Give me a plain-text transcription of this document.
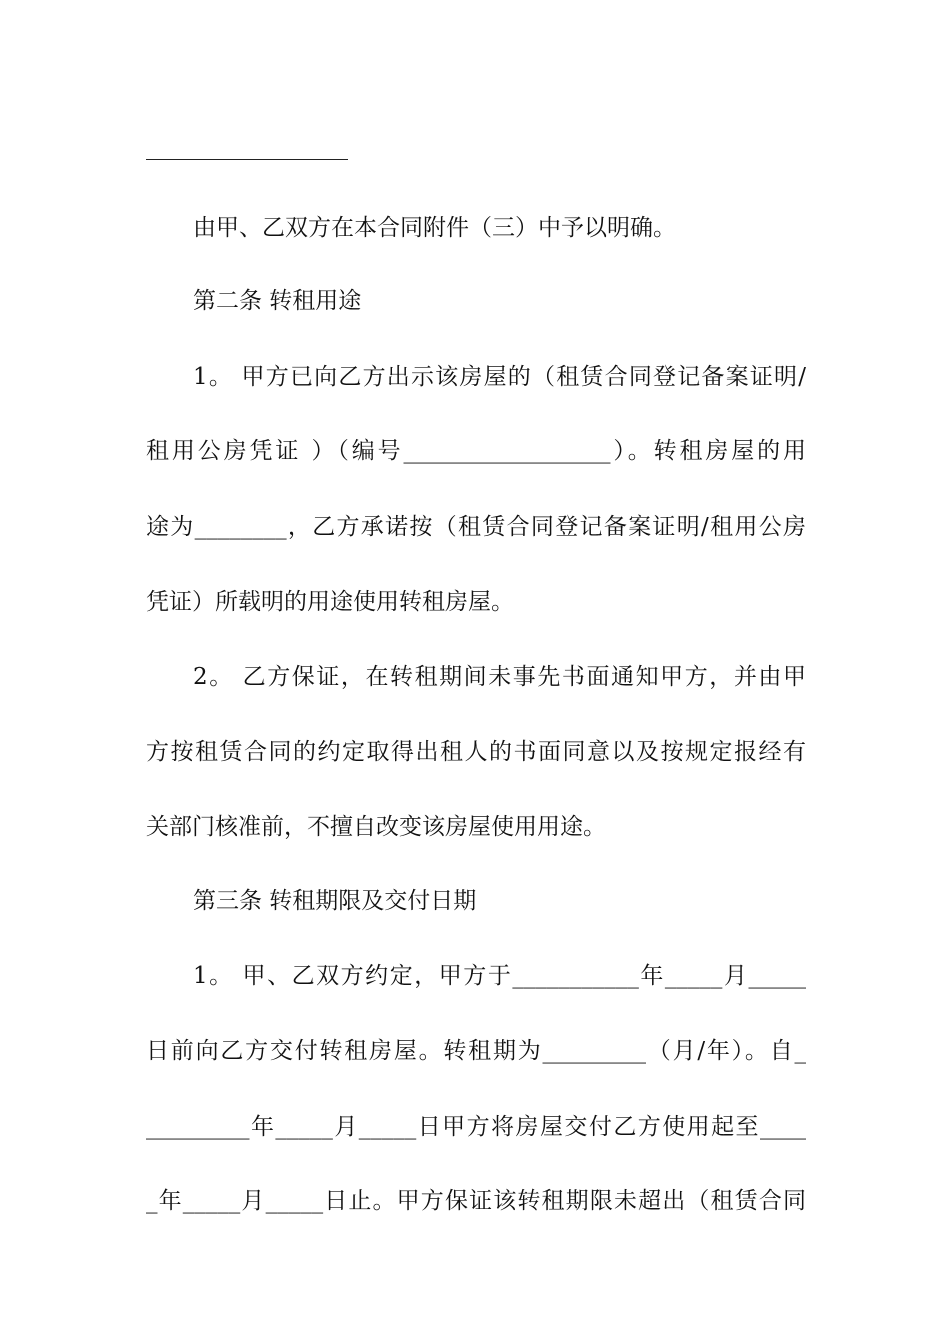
由甲、乙双方在本合同附件（三）中予以明确。

第二条 转租用途

1。 甲方已向乙方出示该房屋的（租赁合同登记备案证明/

租用公房凭证 ）（编号__________________）。转租房屋的用

途为________，乙方承诺按（租赁合同登记备案证明/租用公房

凭证）所载明的用途使用转租房屋。

2。 乙方保证，在转租期间未事先书面通知甲方，并由甲

方按租赁合同的约定取得出租人的书面同意以及按规定报经有

关部门核准前，不擅自改变该房屋使用用途。

第三条 转租期限及交付日期

1。 甲、乙双方约定，甲方于___________年_____月_____

日前向乙方交付转租房屋。转租期为_________（月/年）。自_

_________年_____月_____日甲方将房屋交付乙方使用起至____

_年_____月_____日止。甲方保证该转租期限未超出（租赁合同
